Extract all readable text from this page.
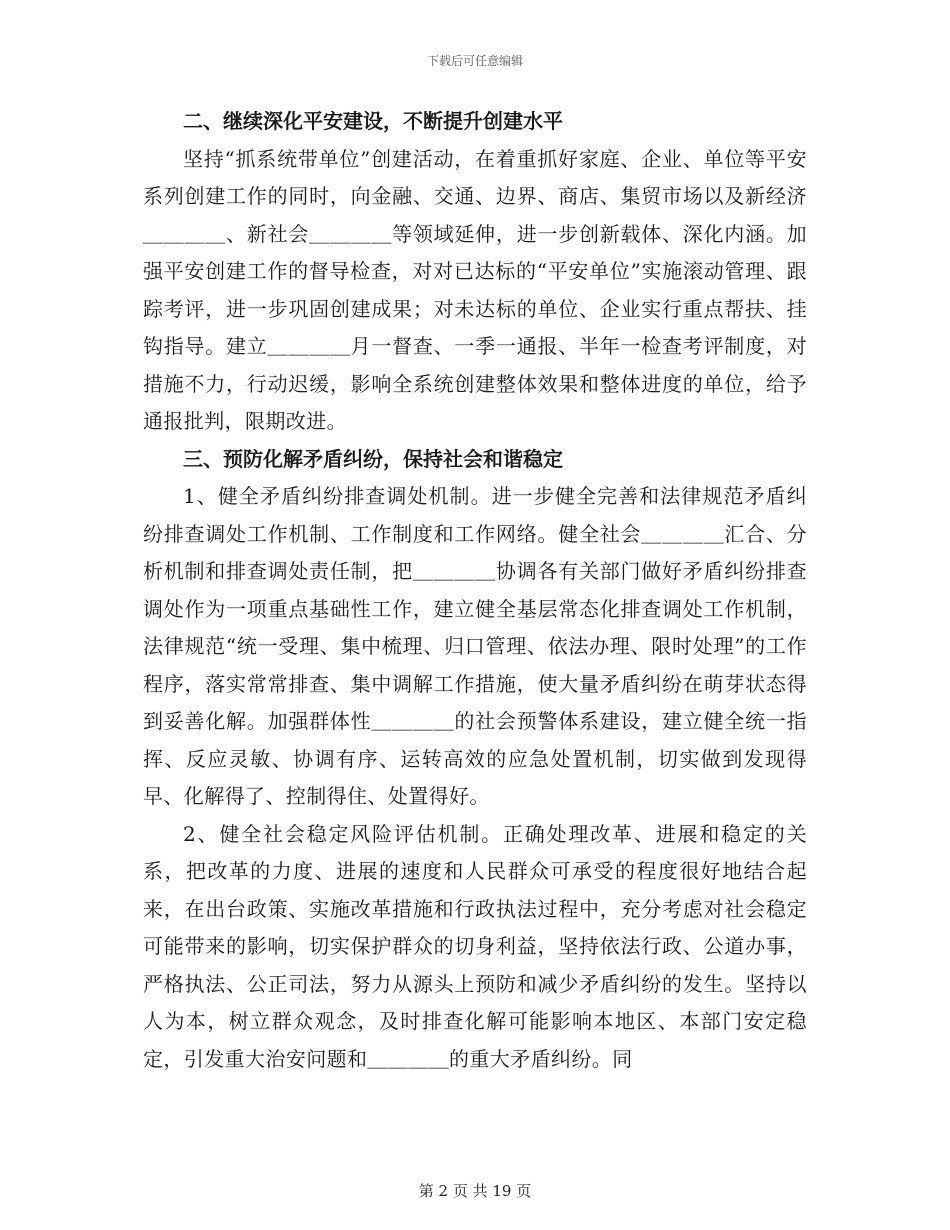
下载后可任意编辑
二、继续深化平安建设，不断提升创建水平

坚持“抓系统带单位”创建活动，在着重抓好家庭、企业、单位等平安系列创建工作的同时，向金融、交通、边界、商店、集贸市场以及新经济＿＿＿＿、新社会＿＿＿＿等领域延伸，进一步创新载体、深化内涵。加强平安创建工作的督导检查，对对已达标的“平安单位”实施滚动管理、跟踪考评，进一步巩固创建成果；对未达标的单位、企业实行重点帮扶、挂钩指导。建立＿＿＿＿月一督查、一季一通报、半年一检查考评制度，对措施不力，行动迟缓，影响全系统创建整体效果和整体进度的单位，给予通报批判，限期改进。

三、预防化解矛盾纠纷，保持社会和谐稳定

1、健全矛盾纠纷排查调处机制。进一步健全完善和法律规范矛盾纠纷排查调处工作机制、工作制度和工作网络。健全社会＿＿＿＿汇合、分析机制和排查调处责任制，把＿＿＿＿协调各有关部门做好矛盾纠纷排查调处作为一项重点基础性工作，建立健全基层常态化排查调处工作机制，法律规范“统一受理、集中梳理、归口管理、依法办理、限时处理”的工作程序，落实常常排查、集中调解工作措施，使大量矛盾纠纷在萌芽状态得到妥善化解。加强群体性＿＿＿＿的社会预警体系建设，建立健全统一指挥、反应灵敏、协调有序、运转高效的应急处置机制，切实做到发现得早、化解得了、控制得住、处置得好。

2、健全社会稳定风险评估机制。正确处理改革、进展和稳定的关系，把改革的力度、进展的速度和人民群众可承受的程度很好地结合起来，在出台政策、实施改革措施和行政执法过程中，充分考虑对社会稳定可能带来的影响，切实保护群众的切身利益，坚持依法行政、公道办事，严格执法、公正司法，努力从源头上预防和减少矛盾纠纷的发生。坚持以人为本，树立群众观念，及时排查化解可能影响本地区、本部门安定稳定，引发重大治安问题和＿＿＿＿的重大矛盾纠纷。同

第 2 页 共 19 页
